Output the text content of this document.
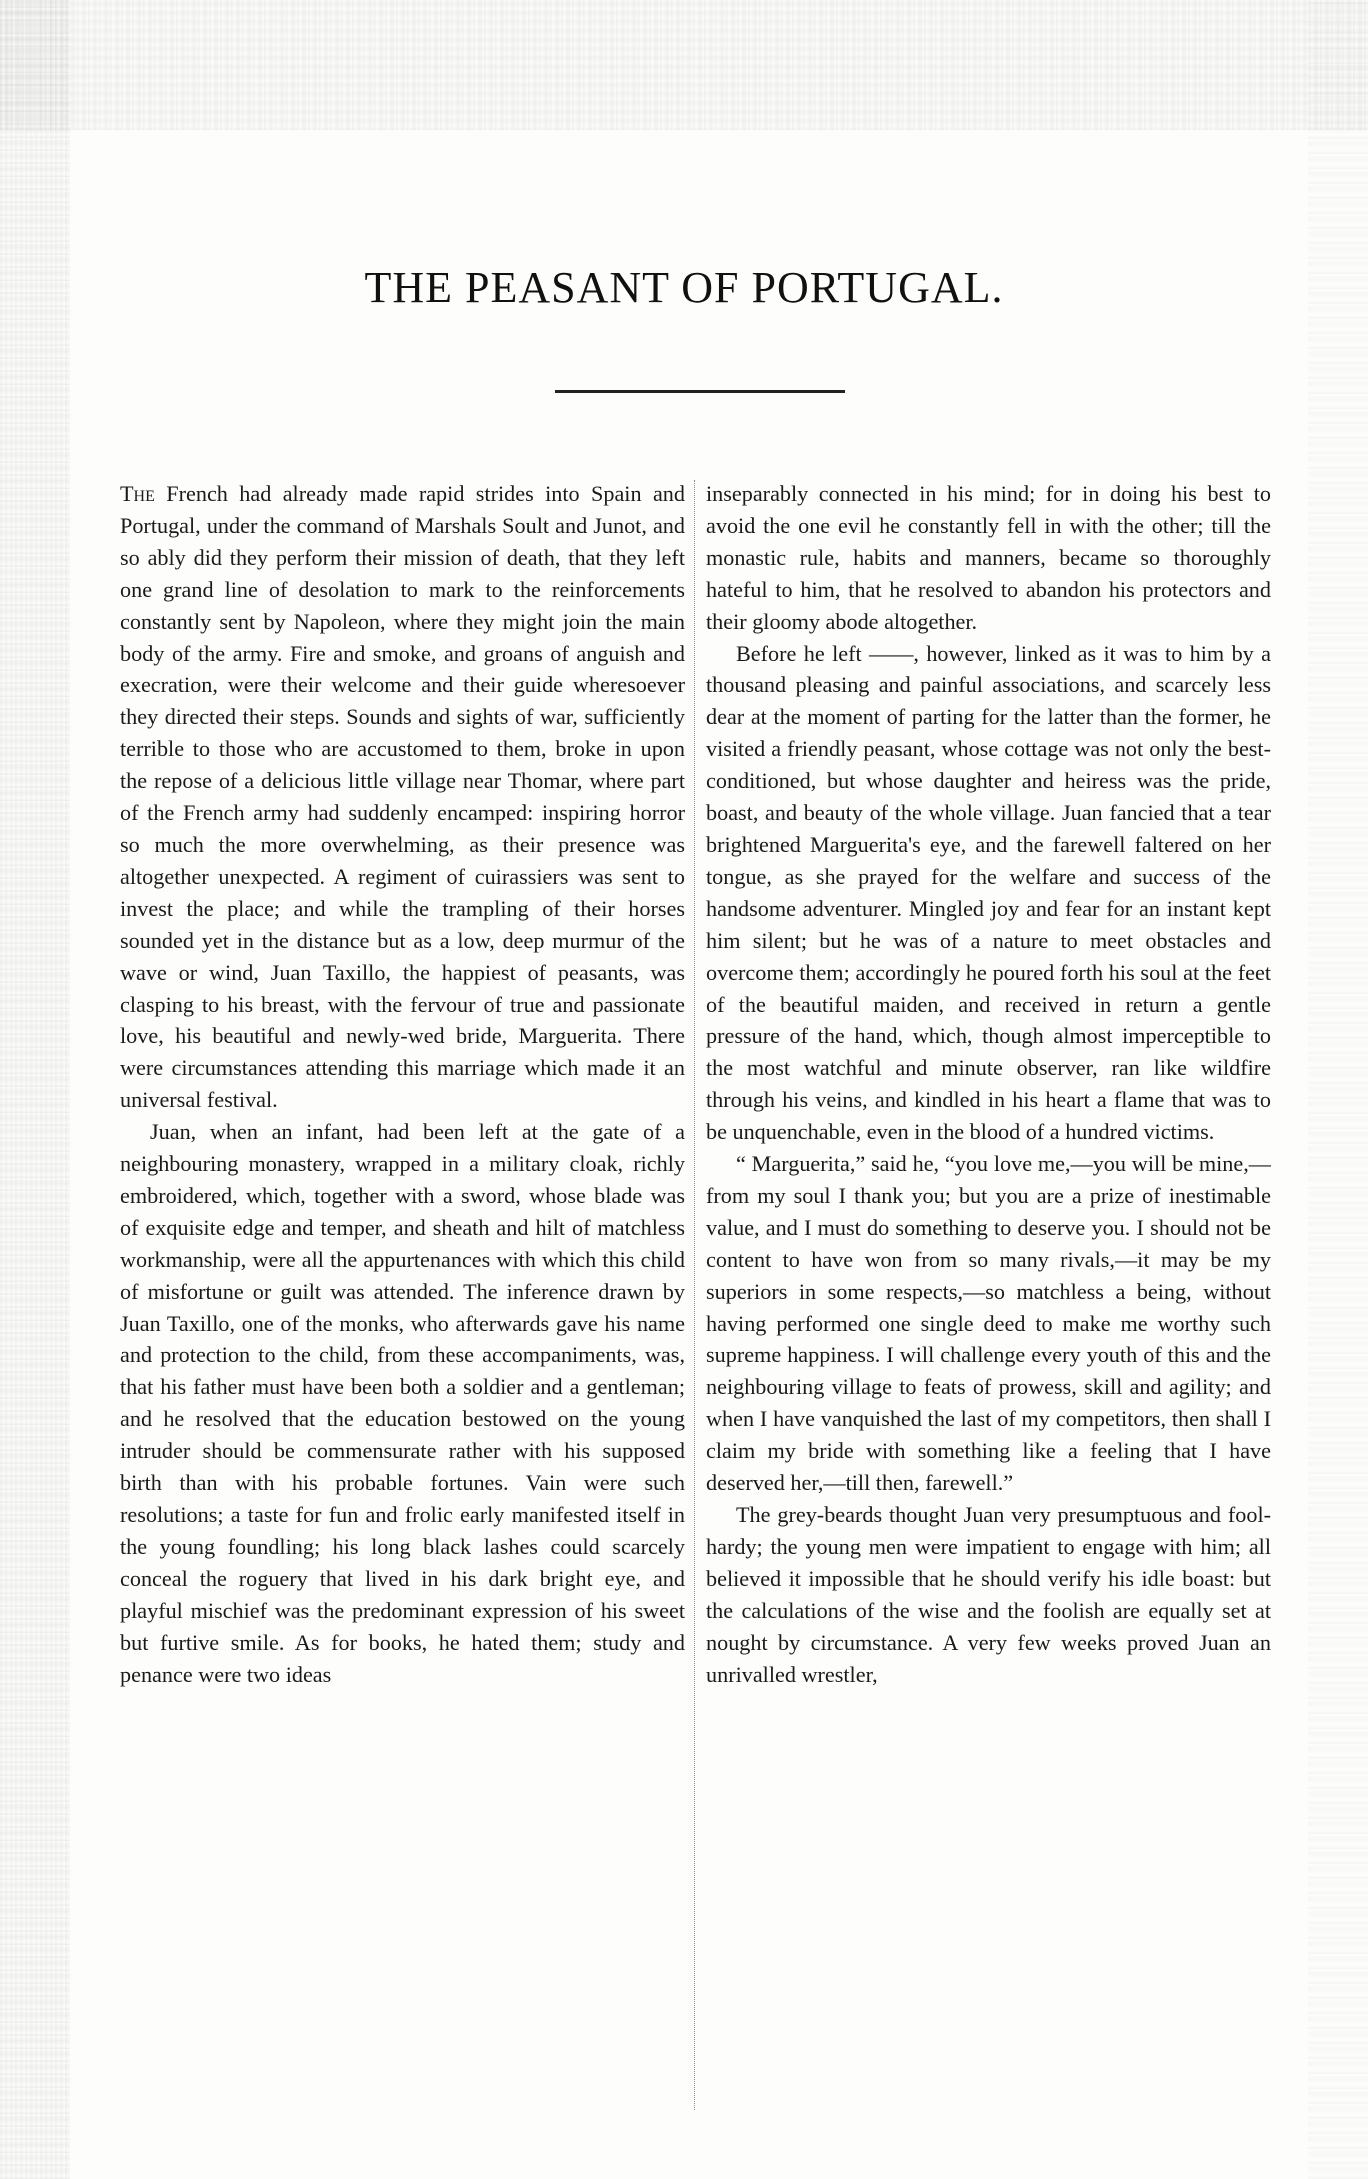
THE PEASANT OF PORTUGAL.

The French had already made rapid strides into Spain and Portugal, under the command of Marshals Soult and Junot, and so ably did they perform their mission of death, that they left one grand line of desolation to mark to the reinforcements constantly sent by Napoleon, where they might join the main body of the army. Fire and smoke, and groans of anguish and execration, were their welcome and their guide wheresoever they directed their steps. Sounds and sights of war, sufficiently terrible to those who are accustomed to them, broke in upon the repose of a delicious little village near Thomar, where part of the French army had suddenly encamped: inspiring horror so much the more overwhelming, as their presence was altogether unexpected. A regiment of cuirassiers was sent to invest the place; and while the trampling of their horses sounded yet in the distance but as a low, deep murmur of the wave or wind, Juan Taxillo, the happiest of peasants, was clasping to his breast, with the fervour of true and passionate love, his beautiful and newly-wed bride, Marguerita. There were circumstances attending this marriage which made it an universal festival.

Juan, when an infant, had been left at the gate of a neighbouring monastery, wrapped in a military cloak, richly embroidered, which, together with a sword, whose blade was of exquisite edge and temper, and sheath and hilt of matchless workmanship, were all the appurtenances with which this child of misfortune or guilt was attended. The inference drawn by Juan Taxillo, one of the monks, who afterwards gave his name and protection to the child, from these accompaniments, was, that his father must have been both a soldier and a gentleman; and he resolved that the education bestowed on the young intruder should be commensurate rather with his supposed birth than with his probable fortunes. Vain were such resolutions; a taste for fun and frolic early manifested itself in the young foundling; his long black lashes could scarcely conceal the roguery that lived in his dark bright eye, and playful mischief was the predominant expression of his sweet but furtive smile. As for books, he hated them; study and penance were two ideas

inseparably connected in his mind; for in doing his best to avoid the one evil he constantly fell in with the other; till the monastic rule, habits and manners, became so thoroughly hateful to him, that he resolved to abandon his protectors and their gloomy abode altogether.

Before he left ——, however, linked as it was to him by a thousand pleasing and painful associations, and scarcely less dear at the moment of parting for the latter than the former, he visited a friendly peasant, whose cottage was not only the best-conditioned, but whose daughter and heiress was the pride, boast, and beauty of the whole village. Juan fancied that a tear brightened Marguerita's eye, and the farewell faltered on her tongue, as she prayed for the welfare and success of the handsome adventurer. Mingled joy and fear for an instant kept him silent; but he was of a nature to meet obstacles and overcome them; accordingly he poured forth his soul at the feet of the beautiful maiden, and received in return a gentle pressure of the hand, which, though almost imperceptible to the most watchful and minute observer, ran like wildfire through his veins, and kindled in his heart a flame that was to be unquenchable, even in the blood of a hundred victims.

“ Marguerita,” said he, “you love me,—you will be mine,—from my soul I thank you; but you are a prize of inestimable value, and I must do something to deserve you. I should not be content to have won from so many rivals,—it may be my superiors in some respects,—so matchless a being, without having performed one single deed to make me worthy such supreme happiness. I will challenge every youth of this and the neighbouring village to feats of prowess, skill and agility; and when I have vanquished the last of my competitors, then shall I claim my bride with something like a feeling that I have deserved her,—till then, farewell.”

The grey-beards thought Juan very presumptuous and fool-hardy; the young men were impatient to engage with him; all believed it impossible that he should verify his idle boast: but the calculations of the wise and the foolish are equally set at nought by circumstance. A very few weeks proved Juan an unrivalled wrestler,
